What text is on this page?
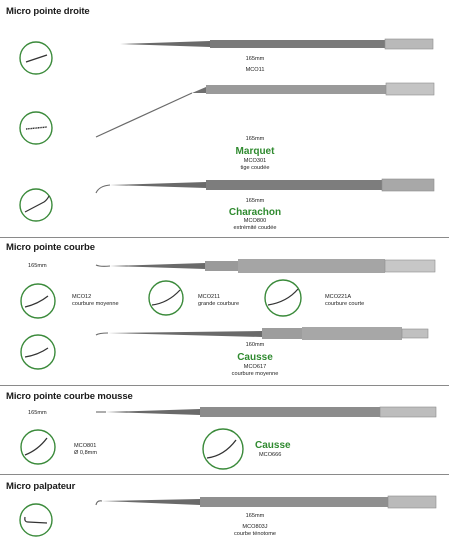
Micro pointe droite
165mm
MCO11
165mm
Marquet
MCO301
tige coudée
165mm
Charachon
MCO800
extrémité coudée
Micro pointe courbe
165mm
MCO12
courbure moyenne
MCO211
grande courbure
MCO221A
courbure courte
160mm
Causse
MCO617
courbure moyenne
Micro pointe courbe mousse
165mm
MCO801
Ø 0,8mm
Causse
MCO666
Micro palpateur
165mm
MCO803J
courbe ténotome
